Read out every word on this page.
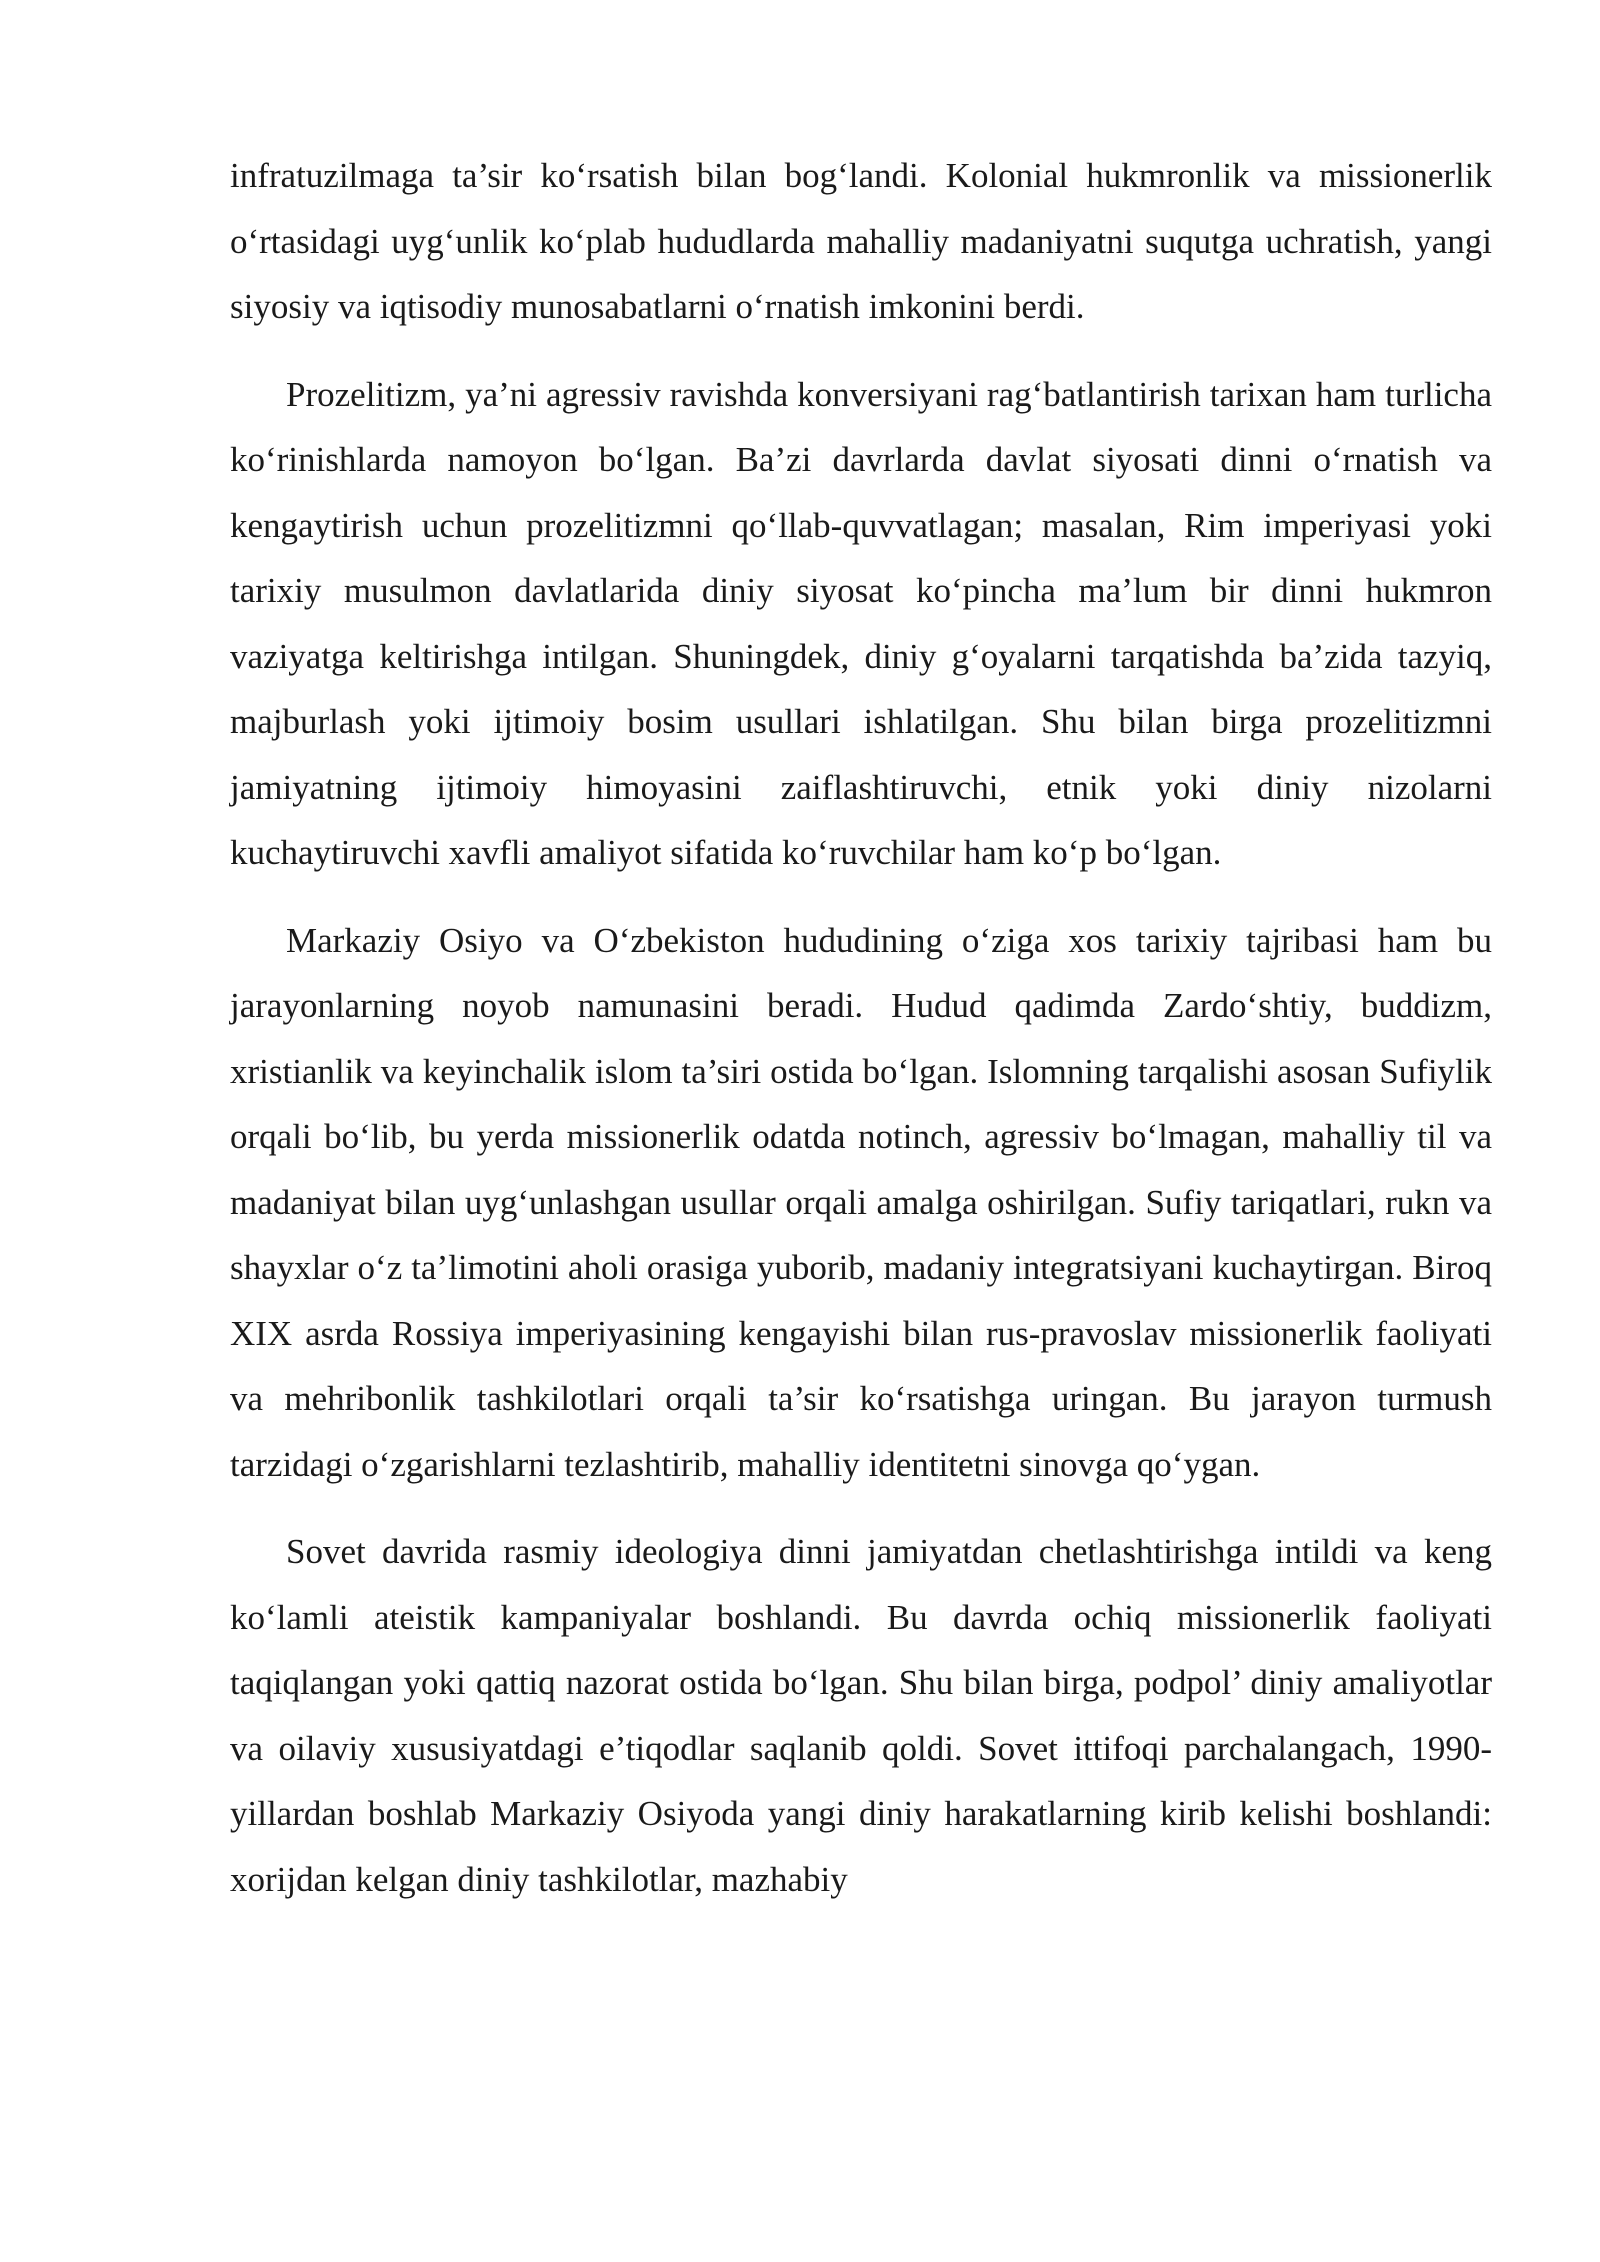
infratuzilmaga ta’sir ko‘rsatish bilan bog‘landi. Kolonial hukmronlik va missionerlik o‘rtasidagi uyg‘unlik ko‘plab hududlarda mahalliy madaniyatni suqutga uchratish, yangi siyosiy va iqtisodiy munosabatlarni o‘rnatish imkonini berdi.

Prozelitizm, ya’ni agressiv ravishda konversiyani rag‘batlantirish tarixan ham turlicha ko‘rinishlarda namoyon bo‘lgan. Ba’zi davrlarda davlat siyosati dinni o‘rnatish va kengaytirish uchun prozelitizmni qo‘llab-quvvatlagan; masalan, Rim imperiyasi yoki tarixiy musulmon davlatlarida diniy siyosat ko‘pincha ma’lum bir dinni hukmron vaziyatga keltirishga intilgan. Shuningdek, diniy g‘oyalarni tarqatishda ba’zida tazyiq, majburlash yoki ijtimoiy bosim usullari ishlatilgan. Shu bilan birga prozelitizmni jamiyatning ijtimoiy himoyasini zaiflashtiruvchi, etnik yoki diniy nizolarni kuchaytiruvchi xavfli amaliyot sifatida ko‘ruvchilar ham ko‘p bo‘lgan.

Markaziy Osiyo va O‘zbekiston hududining o‘ziga xos tarixiy tajribasi ham bu jarayonlarning noyob namunasini beradi. Hudud qadimda Zardo‘shtiy, buddizm, xristianlik va keyinchalik islom ta’siri ostida bo‘lgan. Islomning tarqalishi asosan Sufiylik orqali bo‘lib, bu yerda missionerlik odatda notinch, agressiv bo‘lmagan, mahalliy til va madaniyat bilan uyg‘unlashgan usullar orqali amalga oshirilgan. Sufiy tariqatlari, rukn va shayxlar o‘z ta’limotini aholi orasiga yuborib, madaniy integratsiyani kuchaytirgan. Biroq XIX asrda Rossiya imperiyasining kengayishi bilan rus-pravoslav missionerlik faoliyati va mehribonlik tashkilotlari orqali ta’sir ko‘rsatishga uringan. Bu jarayon turmush tarzidagi o‘zgarishlarni tezlashtirib, mahalliy identitetni sinovga qo‘ygan.

Sovet davrida rasmiy ideologiya dinni jamiyatdan chetlashtirishga intildi va keng ko‘lamli ateistik kampaniyalar boshlandi. Bu davrda ochiq missionerlik faoliyati taqiqlangan yoki qattiq nazorat ostida bo‘lgan. Shu bilan birga, podpol’ diniy amaliyotlar va oilaviy xususiyatdagi e’tiqodlar saqlanib qoldi. Sovet ittifoqi parchalangach, 1990-yillardan boshlab Markaziy Osiyoda yangi diniy harakatlarning kirib kelishi boshlandi: xorijdan kelgan diniy tashkilotlar, mazhabiy
